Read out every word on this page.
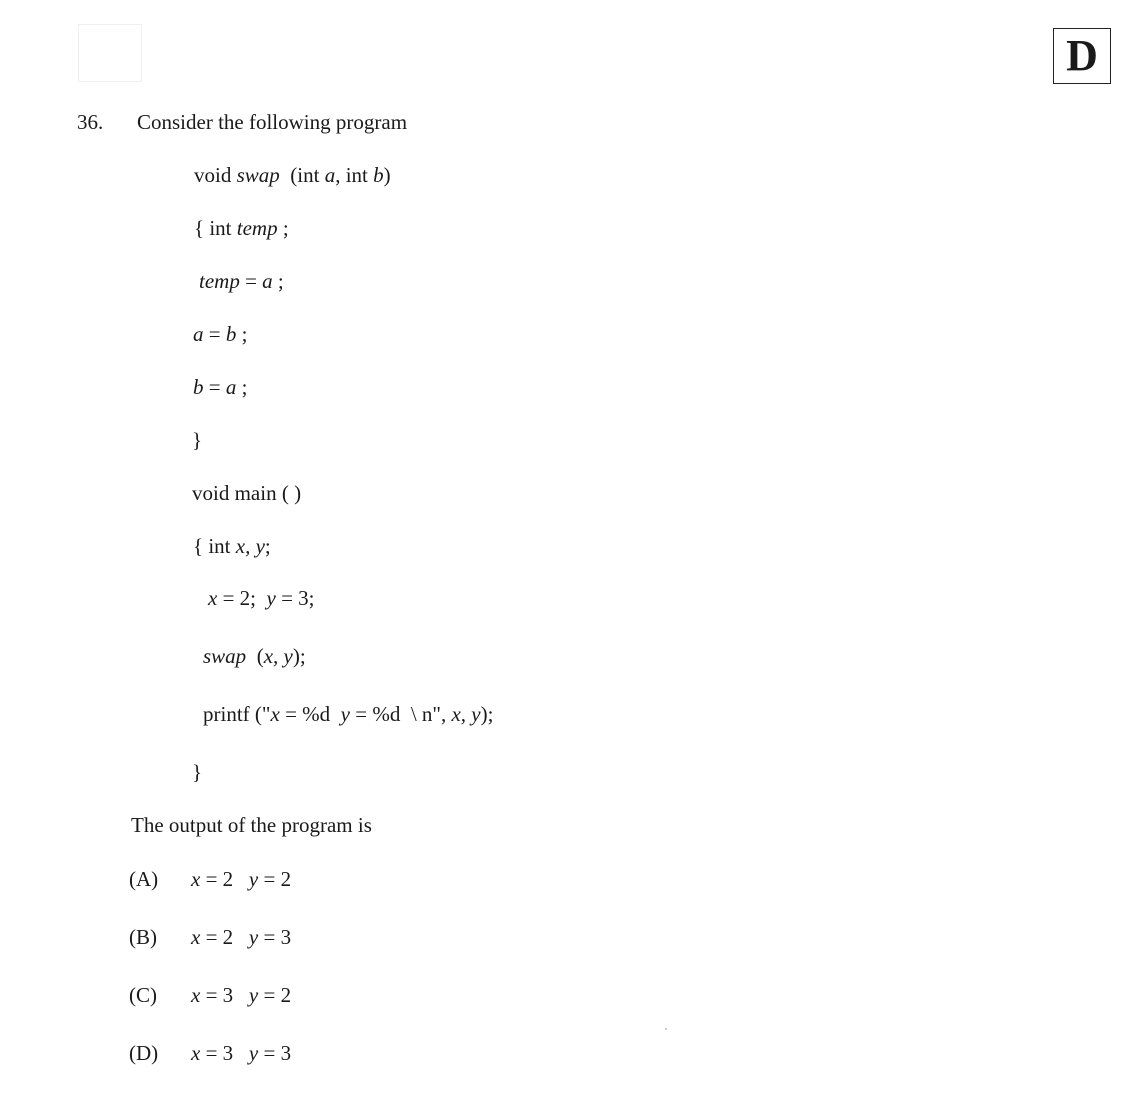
D
36. Consider the following program
void swap  (int a, int b)
{ int temp ;
temp = a ;
a = b ;
b = a ;
}
void main ( )
{ int x, y;
x = 2;  y = 3;
swap  (x, y);
printf ("x = %d  y = %d  \ n", x, y);
}
The output of the program is
(A) x = 2 y = 2
(B) x = 2 y = 3
(C) x = 3 y = 2
(D) x = 3 y = 3
